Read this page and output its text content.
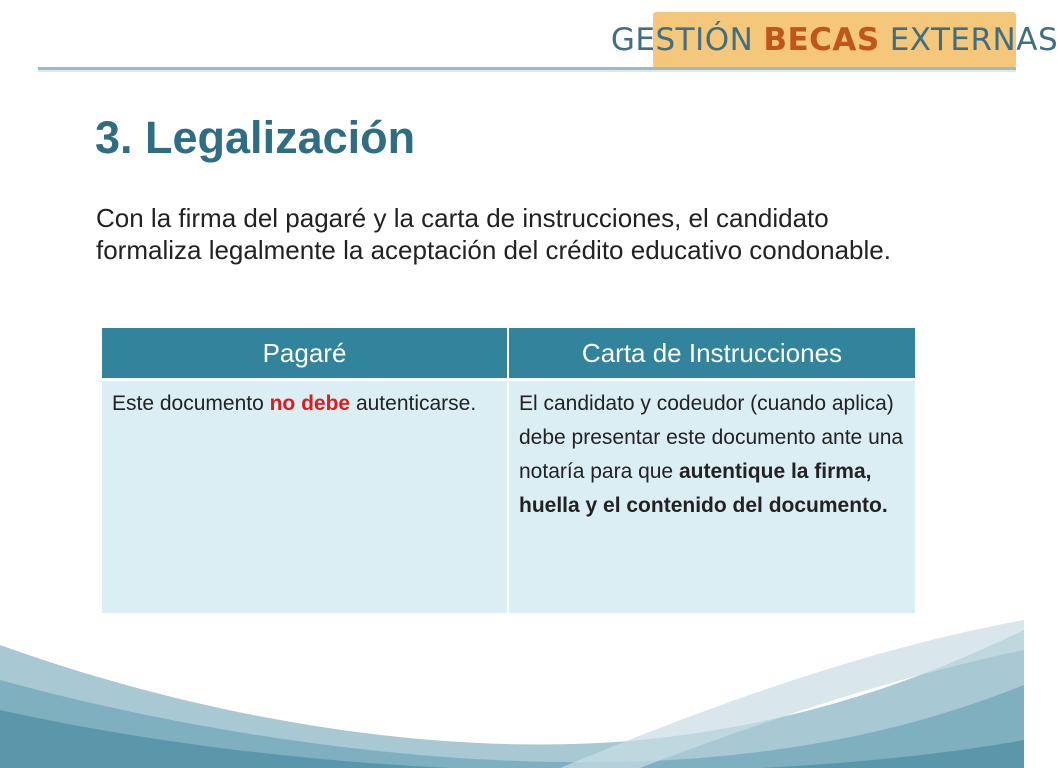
GESTIÓN BECAS EXTERNAS
3. Legalización
Con la firma del pagaré y la carta de instrucciones, el candidato formaliza legalmente la aceptación del crédito educativo condonable.
Pagaré	Carta de Instrucciones
Este documento no debe autenticarse.	El candidato y codeudor (cuando aplica) debe presentar este documento ante una notaría para que autentique la firma, huella y el contenido del documento.
